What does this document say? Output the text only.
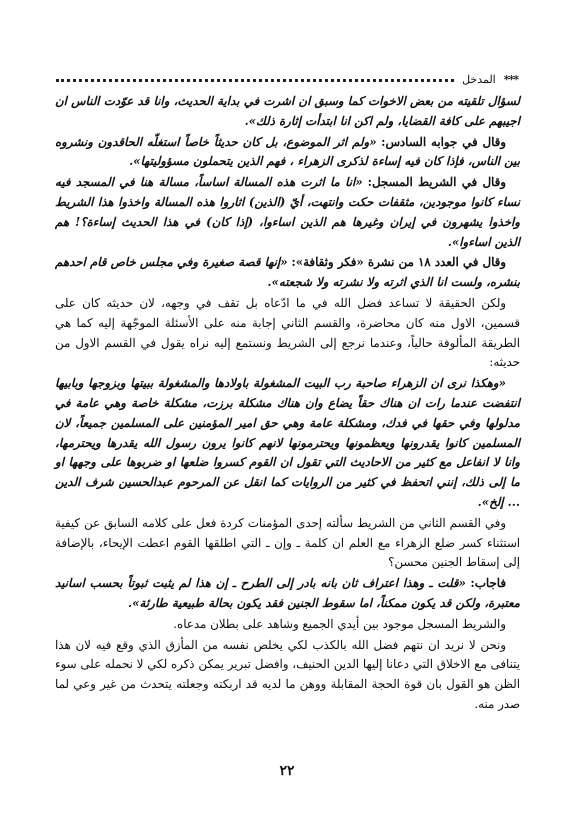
***
المدخل

لسؤال تلقيته من بعض الاخوات كما وسبق ان اشرت في بداية الحديث، وانا قد عوّدت الناس ان اجيبهم على كافة القضايا، ولم اكن انا ابتدأت إثارة ذلك».

وقال في جوابه السادس: «ولم اثر الموضوع، بل كان حديثاً خاصاً استغلّه الحاقدون ونشروه بين الناس، فإذا كان فيه إساءة لذكرى الزهراء ، فهم الذين يتحملون مسؤوليتها».

وقال في الشريط المسجل: «انا ما اثرت هذه المسالة اساساً، مسالة هنا في المسجد فيه نساء كانوا موجودين، مثقفات حكت وانتهت، أيّ (الذين) اثاروا هذه المسالة واخذوا هذا الشريط واخذوا يشهرون في إيران وغيرها هم الذين اساءوا، (إذا كان) في هذا الحديث إساءة؟! هم الذين اساءوا».

وقال في العدد ١٨ من نشرة «فكر وثقافة»: «إنها قصة صغيرة وفي مجلس خاص قام احدهم بنشره، ولست انا الذي اثرته ولا نشرته ولا شجعته».

ولكن الحقيقة لا تساعد فضل الله في ما ادّعاه بل تقف في وجهه، لان حديثه كان على قسمين، الاول منه كان محاضرة، والقسم الثاني إجابة منه على الأسئلة الموجّهة إليه كما هي الطريقة المألوفة حالياً، وعندما نرجع إلى الشريط ونستمع إليه نراه يقول في القسم الاول من حديثه:

«وهكذا نرى ان الزهراء صاحبة رب البيت المشغولة باولادها والمشغولة ببيتها وبزوجها وبابيها انتفضت عندما رات ان هناك حقاً يضاع وان هناك مشكلة برزت، مشكلة خاصة وهي عامة في مدلولها وفي حقها في فدك، ومشكلة عامة وهي حق امير المؤمنين على المسلمين جميعاً، لان المسلمين كانوا يقدرونها ويعظمونها ويحترمونها لانهم كانوا يرون رسول الله يقدرها ويحترمها، وانا لا انفاعل مع كثير من الاحاديث التي تقول ان القوم كسروا ضلعها او ضربوها على وجهها او ما إلى ذلك، إنني اتحفظ في كثير من الروايات كما انقل عن المرحوم عبدالحسين شرف الدين ... إلخ».

وفي القسم الثاني من الشريط سألته إحدى المؤمنات كردة فعل على كلامه السابق عن كيفية استثناء كسر ضلع الزهراء مع العلم ان كلمة ـ وإن ـ التي اطلقها القوم اعطت الإيحاء، بالإضافة إلى إسقاط الجنين محسن؟

فاجاب: «قلت ـ وهذا اعتراف ثان بانه بادر إلى الطرح ـ إن هذا لم يثبت ثبوتاً بحسب اسانيد معتبرة، ولكن قد يكون ممكناً، اما سقوط الجنين فقد يكون بحالة طبيعية طارئة».

والشريط المسجل موجود بين أيدي الجميع وشاهد على بطلان مدعاه.

ونحن لا نريد ان نتهم فضل الله بالكذب لكي يخلص نفسه من المأزق الذي وقع فيه لان هذا يتنافى مع الاخلاق التي دعانا إليها الدين الحنيف، وافضل تبرير يمكن ذكره لكي لا نحمله على سوء الظن هو القول بان قوة الحجة المقابلة ووهن ما لديه قد اربكته وجعلته يتحدث من غير وعي لما صدر منه.

٢٢
